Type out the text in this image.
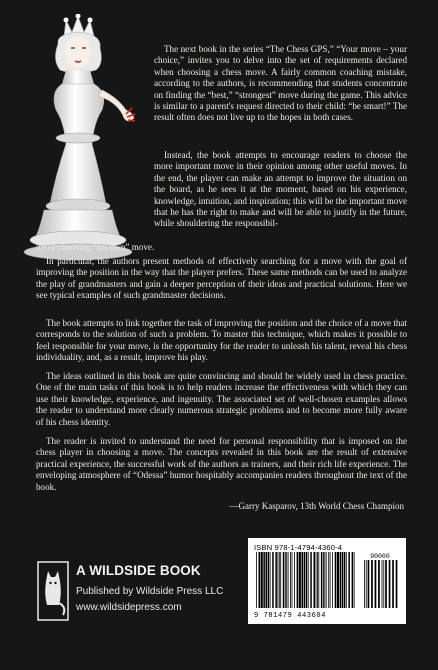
The next book in the series “The Chess GPS,” “Your move – your choice,” invites you to delve into the set of requirements declared when choosing a chess move. A fairly common coaching mistake, according to the authors, is recommending that students concentrate on finding the “best,” “strongest” move during the game. This advice is similar to a parent's request directed to their child: “be smart!” The result often does not live up to the hopes in both cases.

Instead, the book attempts to encourage readers to choose the more important move in their opinion among other useful moves. In the end, the player can make an attempt to improve the situation on the board, as he sees it at the moment, based on his experience, knowledge, intuition, and inspiration; this will be the important move that he has the right to make and will be able to justify in the future, while shouldering the responsibil-

ity of choosing “his own” move.

In particular, the authors present methods of effectively searching for a move with the goal of improving the position in the way that the player prefers. These same methods can be used to analyze the play of grandmasters and gain a deeper perception of their ideas and practical solutions. Here we see typical examples of such grandmaster decisions.

The book attempts to link together the task of improving the position and the choice of a move that corresponds to the solution of such a problem. To master this technique, which makes it possible to feel responsible for your move, is the opportunity for the reader to unleash his talent, reveal his chess individuality, and, as a result, improve his play.

The ideas outlined in this book are quite convincing and should be widely used in chess practice. One of the main tasks of this book is to help readers increase the effectiveness with which they can use their knowledge, experience, and ingenuity. The associated set of well-chosen examples allows the reader to understand more clearly numerous strategic problems and to become more fully aware of his chess identity.

The reader is invited to understand the need for personal responsibility that is imposed on the chess player in choosing a move. The concepts revealed in this book are the result of extensive practical experience, the successful work of the authors as trainers, and their rich life experience. The enveloping atmosphere of “Odessa” humor hospitably accompanies readers throughout the text of the book.

—Garry Kasparov, 13th World Chess Champion

A WILDSIDE BOOK
Published by Wildside Press LLC
www.wildsidepress.com
ISBN 978-1-4794-4360-4
90000
9 781479 443604
